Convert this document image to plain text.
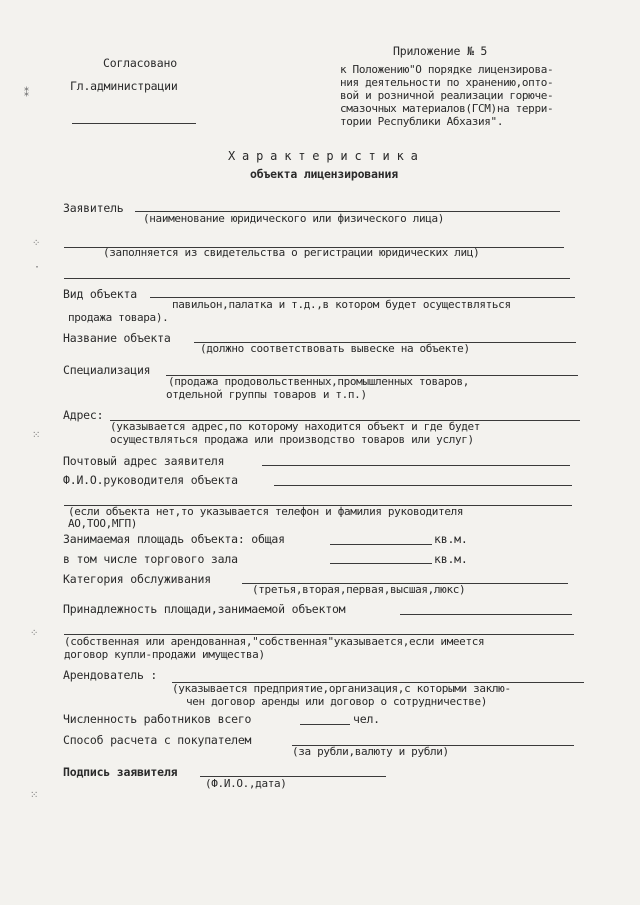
⁑
⁘
·
⁙
⁘
⁙
Согласовано
Гл.администрации
Приложение № 5
к Положению"О порядке лицензирова-
ния деятельности по хранению,опто-
вой и розничной реализации горюче-
смазочных материалов(ГСМ)на терри-
тории Республики Абхазия".
Х а р а к т е р и с т и к а
объекта лицензирования
Заявитель
(наименование юридического или физического лица)
(заполняется из свидетельства о регистрации юридических лиц)
Вид объекта
павильон,палатка и т.д.,в котором будет осуществляться
продажа товара).
Название объекта
(должно соответствовать вывеске на объекте)
Специализация
(продажа продовольственных,промышленных товаров,
отдельной группы товаров и т.п.)
Адрес:
(указывается адрес,по которому находится объект и где будет
осуществляться продажа или производство товаров или услуг)
Почтовый адрес заявителя
Ф.И.О.руководителя объекта
(если объекта нет,то указывается телефон и фамилия руководителя
АО,ТОО,МГП)
Занимаемая площадь объекта: общая	кв.м.
в том числе торгового зала	кв.м.
Категория обслуживания
(третья,вторая,первая,высшая,люкс)
Принадлежность площади,занимаемой объектом
(собственная или арендованная,"собственная"указывается,если имеется
договор купли-продажи имущества)
Арендователь :
(указывается предприятие,организация,с которыми заклю-
чен договор аренды или договор о сотрудничестве)
Численность работников всего	чел.
Способ расчета с покупателем
(за рубли,валюту и рубли)
Подпись заявителя
(Ф.И.О.,дата)
